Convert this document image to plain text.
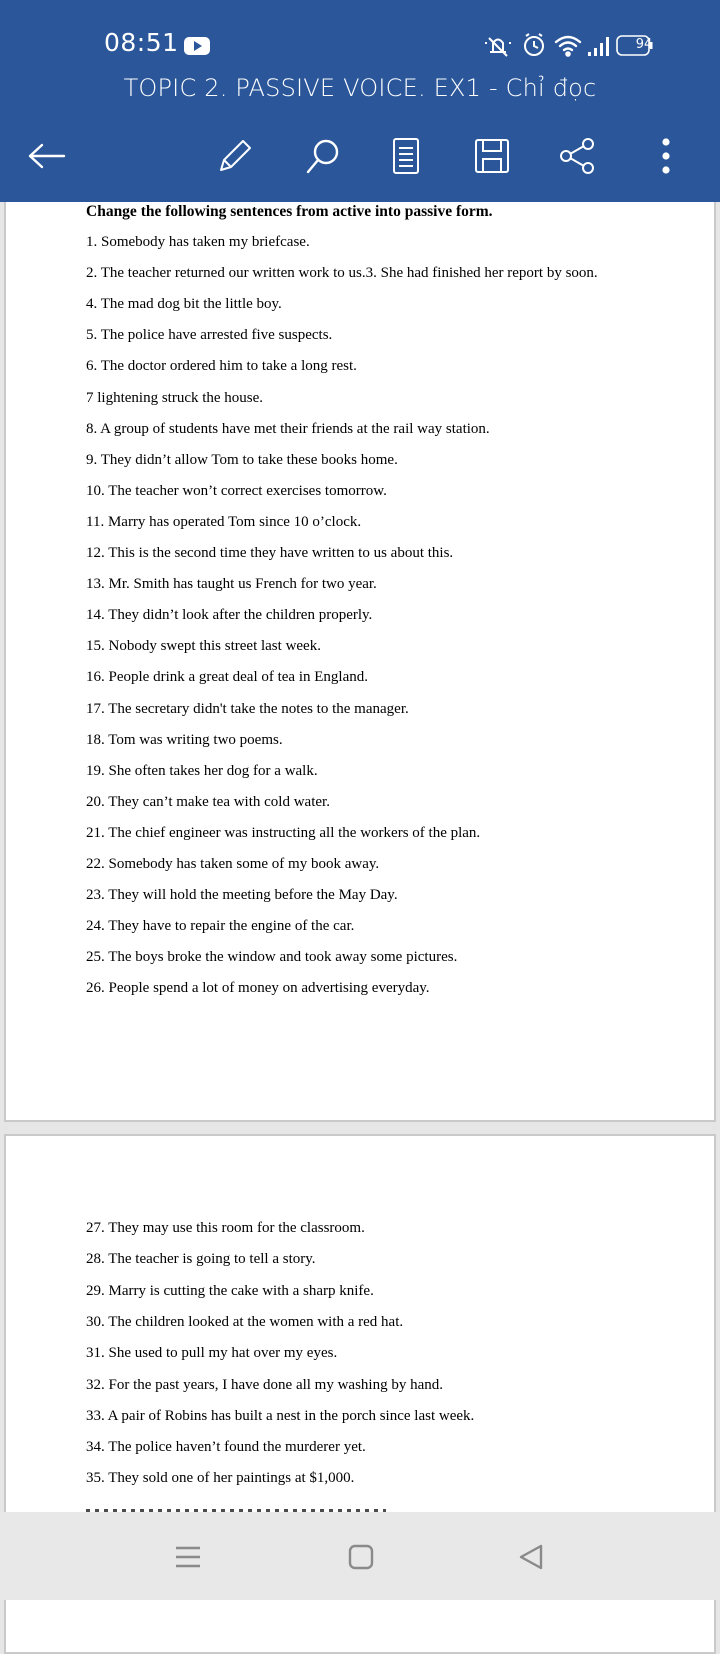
08:51	94
TOPIC 2. PASSIVE VOICE. EX1 - Chỉ đọc
Change the following sentences from active into passive form.
1. Somebody has taken my briefcase.
2. The teacher returned our written work to us.3. She had finished her report by soon.
4. The mad dog bit the little boy.
5. The police have arrested five suspects.
6. The doctor ordered him to take a long rest.
7 lightening struck the house.
8. A group of students have met their friends at the rail way station.
9. They didn’t allow Tom to take these books home.
10. The teacher won’t correct exercises tomorrow.
11. Marry has operated Tom since 10 o’clock.
12. This is the second time they have written to us about this.
13. Mr. Smith has taught us French for two year.
14. They didn’t look after the children properly.
15. Nobody swept this street last week.
16. People drink a great deal of tea in England.
17. The secretary didn't take the notes to the manager.
18. Tom was writing two poems.
19. She often takes her dog for a walk.
20. They can’t make tea with cold water.
21. The chief engineer was instructing all the workers of the plan.
22. Somebody has taken some of my book away.
23. They will hold the meeting before the May Day.
24. They have to repair the engine of the car.
25. The boys broke the window and took away some pictures.
26. People spend a lot of money on advertising everyday.
27. They may use this room for the classroom.
28. The teacher is going to tell a story.
29. Marry is cutting the cake with a sharp knife.
30. The children looked at the women with a red hat.
31. She used to pull my hat over my eyes.
32. For the past years, I have done all my washing by hand.
33. A pair of Robins has built a nest in the porch since last week.
34. The police haven’t found the murderer yet.
35. They sold one of her paintings at $1,000.
